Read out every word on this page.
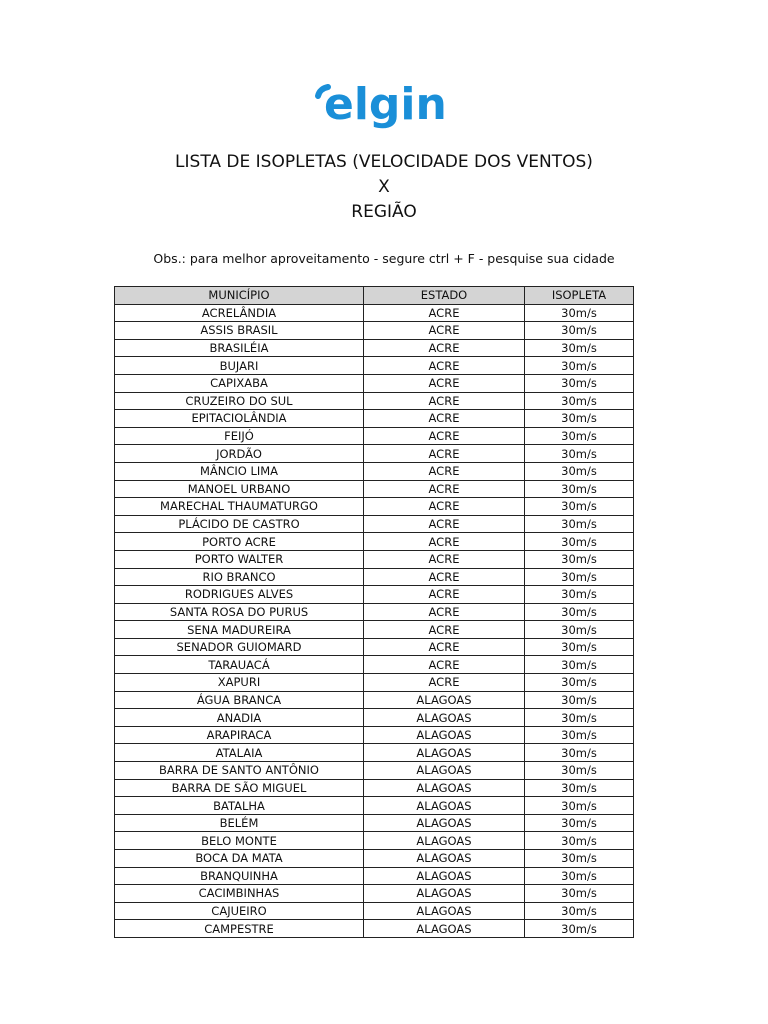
elgin
LISTA DE ISOPLETAS (VELOCIDADE DOS VENTOS)
X
REGIÃO
Obs.: para melhor aproveitamento - segure ctrl + F - pesquise sua cidade
MUNICÍPIO	ESTADO	ISOPLETA
ACRELÂNDIA	ACRE	30m/s
ASSIS BRASIL	ACRE	30m/s
BRASILÉIA	ACRE	30m/s
BUJARI	ACRE	30m/s
CAPIXABA	ACRE	30m/s
CRUZEIRO DO SUL	ACRE	30m/s
EPITACIOLÂNDIA	ACRE	30m/s
FEIJÓ	ACRE	30m/s
JORDÃO	ACRE	30m/s
MÂNCIO LIMA	ACRE	30m/s
MANOEL URBANO	ACRE	30m/s
MARECHAL THAUMATURGO	ACRE	30m/s
PLÁCIDO DE CASTRO	ACRE	30m/s
PORTO ACRE	ACRE	30m/s
PORTO WALTER	ACRE	30m/s
RIO BRANCO	ACRE	30m/s
RODRIGUES ALVES	ACRE	30m/s
SANTA ROSA DO PURUS	ACRE	30m/s
SENA MADUREIRA	ACRE	30m/s
SENADOR GUIOMARD	ACRE	30m/s
TARAUACÁ	ACRE	30m/s
XAPURI	ACRE	30m/s
ÁGUA BRANCA	ALAGOAS	30m/s
ANADIA	ALAGOAS	30m/s
ARAPIRACA	ALAGOAS	30m/s
ATALAIA	ALAGOAS	30m/s
BARRA DE SANTO ANTÔNIO	ALAGOAS	30m/s
BARRA DE SÃO MIGUEL	ALAGOAS	30m/s
BATALHA	ALAGOAS	30m/s
BELÉM	ALAGOAS	30m/s
BELO MONTE	ALAGOAS	30m/s
BOCA DA MATA	ALAGOAS	30m/s
BRANQUINHA	ALAGOAS	30m/s
CACIMBINHAS	ALAGOAS	30m/s
CAJUEIRO	ALAGOAS	30m/s
CAMPESTRE	ALAGOAS	30m/s
